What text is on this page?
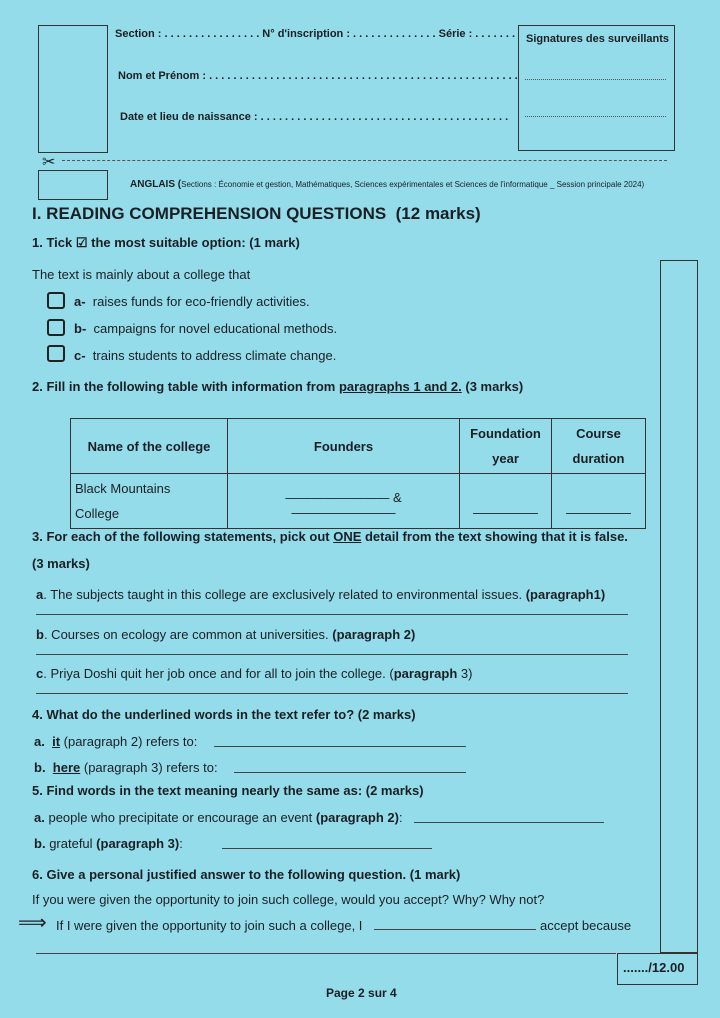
Section : . . . . . . . . . . . . . . . . N° d'inscription : . . . . . . . . . . . . . . Série : . . . . . . .
Nom et Prénom : . . . . . . . . . . . . . . . . . . . . . . . . . . . . . . . . . . . . . . . . . . . . . . . . . . .
Date et lieu de naissance : . . . . . . . . . . . . . . . . . . . . . . . . . . . . . . . . . . . . . . . . .
Signatures des surveillants
✂
ANGLAIS (Sections : Économie et gestion, Mathématiques, Sciences expérimentales et Sciences de l'informatique _ Session principale 2024)
I. READING COMPREHENSION QUESTIONS  (12 marks)
......./12.00
1. Tick ☑ the most suitable option: (1 mark)
The text is mainly about a college that
a- raises funds for eco-friendly activities.
b- campaigns for novel educational methods.
c- trains students to address climate change.
2. Fill in the following table with information from paragraphs 1 and 2. (3 marks)
Name of the college	Founders	Foundation year	Course duration
Black Mountains
College	———————— & ————————	—————	—————
3. For each of the following statements, pick out ONE detail from the text showing that it is false.
(3 marks)
a. The subjects taught in this college are exclusively related to environmental issues. (paragraph1)
b. Courses on ecology are common at universities. (paragraph 2)
c. Priya Doshi quit her job once and for all to join the college. (paragraph 3)
4. What do the underlined words in the text refer to? (2 marks)
a. it (paragraph 2) refers to:
b. here (paragraph 3) refers to:
5. Find words in the text meaning nearly the same as: (2 marks)
a. people who precipitate or encourage an event (paragraph 2):
b. grateful (paragraph 3):
6. Give a personal justified answer to the following question. (1 mark)
If you were given the opportunity to join such college, would you accept? Why? Why not?
⟹ If I were given the opportunity to join such a college, I	accept because
Page 2 sur 4
